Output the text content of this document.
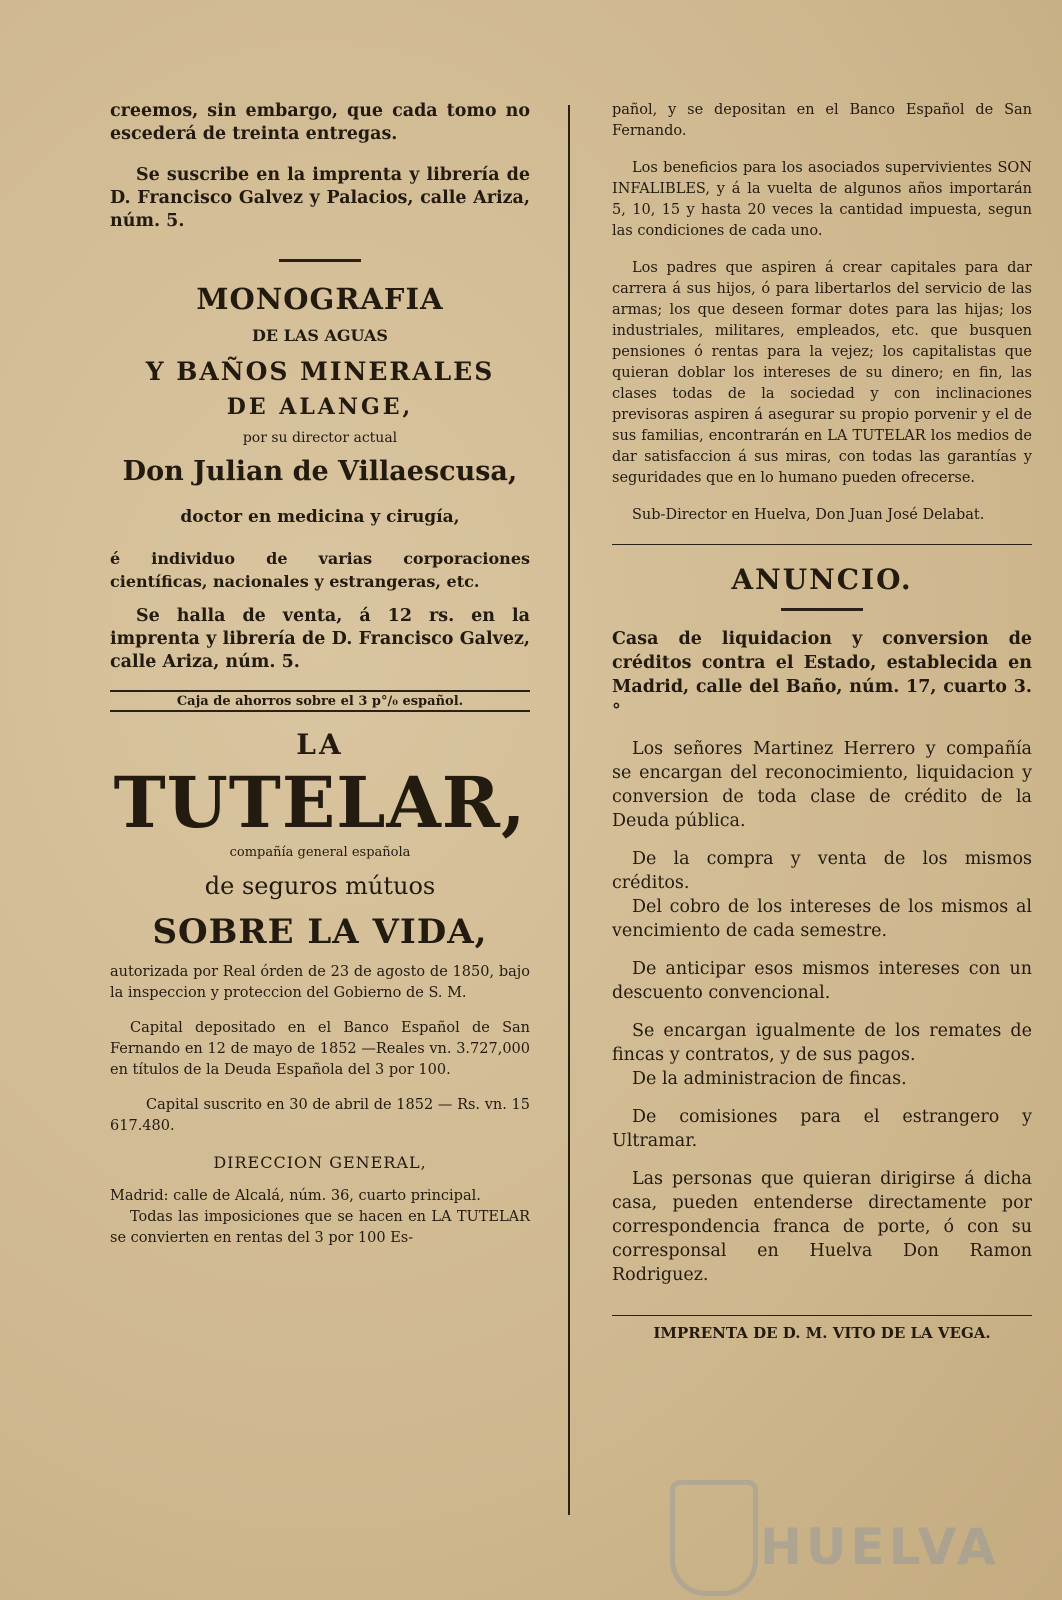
creemos, sin embargo, que cada tomo no escederá de treinta entregas.

Se suscribe en la imprenta y librería de D. Francisco Galvez y Palacios, calle Ariza, núm. 5.

MONOGRAFIA

DE LAS AGUAS

Y BAÑOS MINERALES

DE ALANGE,

por su director actual

Don Julian de Villaescusa,

doctor en medicina y cirugía,

é individuo de varias corporaciones científicas, nacionales y estrangeras, etc.

Se halla de venta, á 12 rs. en la imprenta y librería de D. Francisco Galvez, calle Ariza, núm. 5.

Caja de ahorros sobre el 3 p°/₀ español.

LA

TUTELAR,

compañía general española

de seguros mútuos

SOBRE LA VIDA,

autorizada por Real órden de 23 de agosto de 1850, bajo la inspeccion y proteccion del Gobierno de S. M.

Capital depositado en el Banco Español de San Fernando en 12 de mayo de 1852 —Reales vn. 3.727,000 en títulos de la Deuda Española del 3 por 100.

Capital suscrito en 30 de abril de 1852 — Rs. vn. 15 617.480.

DIRECCION GENERAL,

Madrid: calle de Alcalá, núm. 36, cuarto principal.

Todas las imposiciones que se hacen en LA TUTELAR se convierten en rentas del 3 por 100 Es-

pañol, y se depositan en el Banco Español de San Fernando.

Los beneficios para los asociados supervivientes SON INFALIBLES, y á la vuelta de algunos años importarán 5, 10, 15 y hasta 20 veces la cantidad impuesta, segun las condiciones de cada uno.

Los padres que aspiren á crear capitales para dar carrera á sus hijos, ó para libertarlos del servicio de las armas; los que deseen formar dotes para las hijas; los industriales, militares, empleados, etc. que busquen pensiones ó rentas para la vejez; los capitalistas que quieran doblar los intereses de su dinero; en fin, las clases todas de la sociedad y con inclinaciones previsoras aspiren á asegurar su propio porvenir y el de sus familias, encontrarán en LA TUTELAR los medios de dar satisfaccion á sus miras, con todas las garantías y seguridades que en lo humano pueden ofrecerse.

Sub-Director en Huelva, Don Juan José Delabat.

ANUNCIO.

Casa de liquidacion y conversion de créditos contra el Estado, establecida en Madrid, calle del Baño, núm. 17, cuarto 3.°

Los señores Martinez Herrero y compañía se encargan del reconocimiento, liquidacion y conversion de toda clase de crédito de la Deuda pública.

De la compra y venta de los mismos créditos.

Del cobro de los intereses de los mismos al vencimiento de cada semestre.

De anticipar esos mismos intereses con un descuento convencional.

Se encargan igualmente de los remates de fincas y contratos, y de sus pagos.

De la administracion de fincas.

De comisiones para el estrangero y Ultramar.

Las personas que quieran dirigirse á dicha casa, pueden entenderse directamente por correspondencia franca de porte, ó con su corresponsal en Huelva Don Ramon Rodriguez.

IMPRENTA DE D. M. VITO DE LA VEGA.

HUELVA
